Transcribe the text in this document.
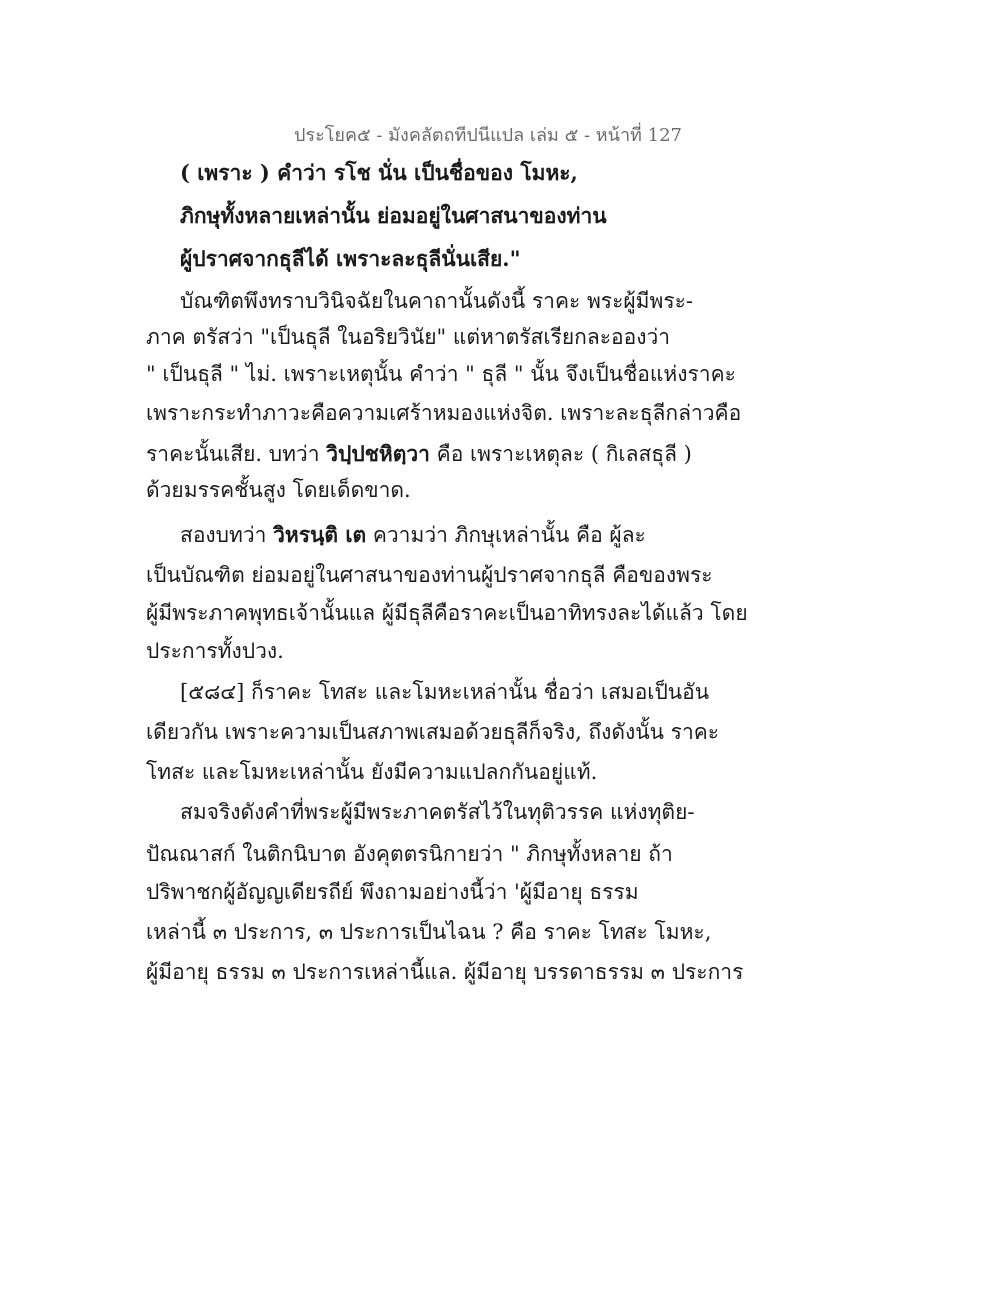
ประโยค๕ - มังคลัตถทีปนีแปล เล่ม ๕ - หน้าที่ 127
( เพราะ ) คำว่า รโช นั่น เป็นชื่อของ โมหะ,
ภิกษุทั้งหลายเหล่านั้น ย่อมอยู่ในศาสนาของท่าน
ผู้ปราศจากธุลีได้ เพราะละธุลีนั่นเสีย."
บัณฑิตพึงทราบวินิจฉัยในคาถานั้นดังนี้ ราคะ พระผู้มีพระ-
ภาค ตรัสว่า "เป็นธุลี ในอริยวินัย" แต่หาตรัสเรียกละอองว่า
" เป็นธุลี " ไม่. เพราะเหตุนั้น คำว่า " ธุลี " นั้น จึงเป็นชื่อแห่งราคะ
เพราะกระทำภาวะคือความเศร้าหมองแห่งจิต. เพราะละธุลีกล่าวคือ
ราคะนั้นเสีย. บทว่า วิปฺปชหิตฺวา คือ เพราะเหตุละ ( กิเลสธุลี )
ด้วยมรรคชั้นสูง โดยเด็ดขาด.
สองบทว่า วิหรนฺติ เต ความว่า ภิกษุเหล่านั้น คือ ผู้ละ
เป็นบัณฑิต ย่อมอยู่ในศาสนาของท่านผู้ปราศจากธุลี คือของพระ
ผู้มีพระภาคพุทธเจ้านั้นแล ผู้มีธุลีคือราคะเป็นอาทิทรงละได้แล้ว โดย
ประการทั้งปวง.
[๕๘๔] ก็ราคะ โทสะ และโมหะเหล่านั้น ชื่อว่า เสมอเป็นอัน
เดียวกัน เพราะความเป็นสภาพเสมอด้วยธุลีก็จริง, ถึงดังนั้น ราคะ
โทสะ และโมหะเหล่านั้น ยังมีความแปลกกันอยู่แท้.
สมจริงดังคำที่พระผู้มีพระภาคตรัสไว้ในทุติวรรค แห่งทุติย-
ปัณณาสก์ ในติกนิบาต อังคุตตรนิกายว่า " ภิกษุทั้งหลาย ถ้า
ปริพาชกผู้อัญญเดียรถีย์ พึงถามอย่างนี้ว่า 'ผู้มีอายุ ธรรม
เหล่านี้ ๓ ประการ, ๓ ประการเป็นไฉน ? คือ ราคะ โทสะ โมหะ,
ผู้มีอายุ ธรรม ๓ ประการเหล่านี้แล. ผู้มีอายุ บรรดาธรรม ๓ ประการ
